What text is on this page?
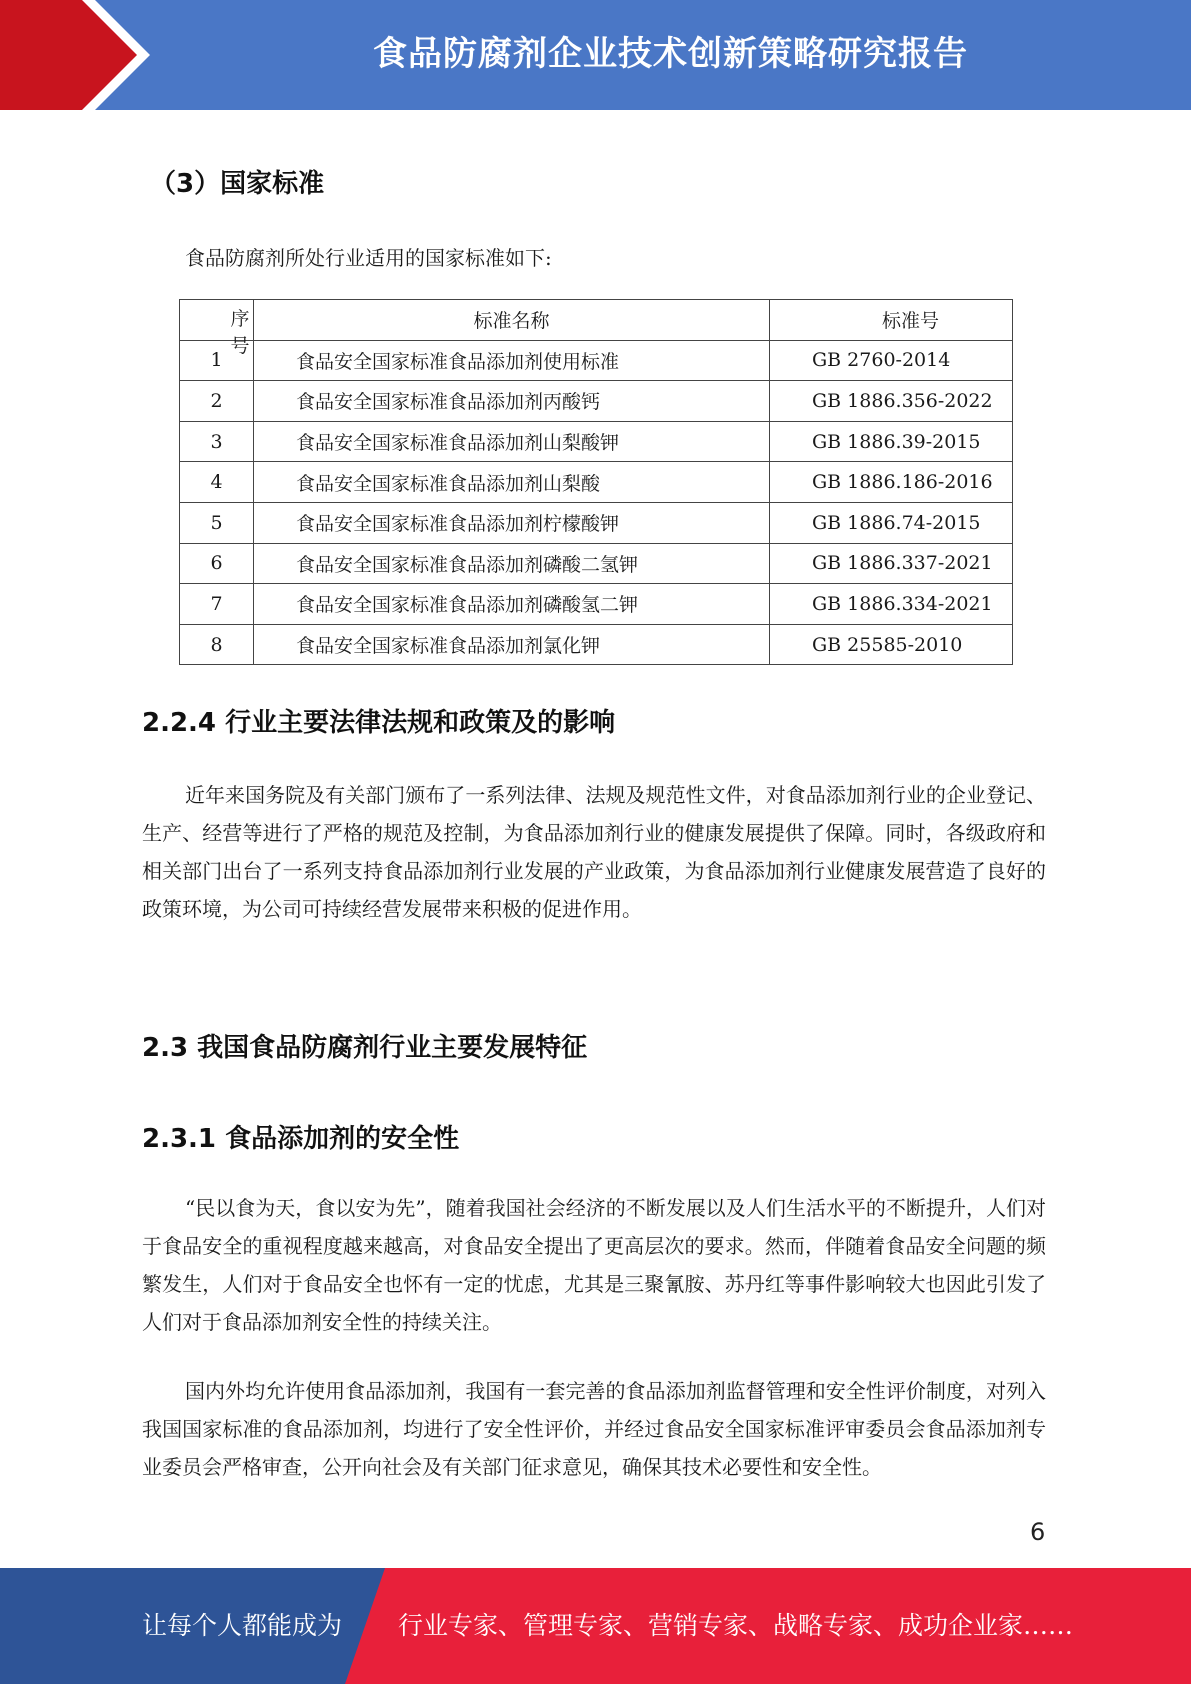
食品防腐剂企业技术创新策略研究报告
（3）国家标准
食品防腐剂所处行业适用的国家标准如下:
序号	标准名称	标准号
1	食品安全国家标准食品添加剂使用标准	GB 2760-2014
2	食品安全国家标准食品添加剂丙酸钙	GB 1886.356-2022
3	食品安全国家标准食品添加剂山梨酸钾	GB 1886.39-2015
4	食品安全国家标准食品添加剂山梨酸	GB 1886.186-2016
5	食品安全国家标准食品添加剂柠檬酸钾	GB 1886.74-2015
6	食品安全国家标准食品添加剂磷酸二氢钾	GB 1886.337-2021
7	食品安全国家标准食品添加剂磷酸氢二钾	GB 1886.334-2021
8	食品安全国家标准食品添加剂氯化钾	GB 25585-2010
2.2.4 行业主要法律法规和政策及的影响
近年来国务院及有关部门颁布了一系列法律、法规及规范性文件，对食品添加剂行业的企业登记、生产、经营等进行了严格的规范及控制，为食品添加剂行业的健康发展提供了保障。同时，各级政府和相关部门出台了一系列支持食品添加剂行业发展的产业政策，为食品添加剂行业健康发展营造了良好的政策环境，为公司可持续经营发展带来积极的促进作用。
2.3 我国食品防腐剂行业主要发展特征
2.3.1 食品添加剂的安全性
“民以食为天，食以安为先”，随着我国社会经济的不断发展以及人们生活水平的不断提升，人们对于食品安全的重视程度越来越高，对食品安全提出了更高层次的要求。然而，伴随着食品安全问题的频繁发生，人们对于食品安全也怀有一定的忧虑，尤其是三聚氰胺、苏丹红等事件影响较大也因此引发了人们对于食品添加剂安全性的持续关注。
国内外均允许使用食品添加剂，我国有一套完善的食品添加剂监督管理和安全性评价制度，对列入我国国家标准的食品添加剂，均进行了安全性评价，并经过食品安全国家标准评审委员会食品添加剂专业委员会严格审查，公开向社会及有关部门征求意见，确保其技术必要性和安全性。
6
让每个人都能成为 行业专家、管理专家、营销专家、战略专家、成功企业家……
